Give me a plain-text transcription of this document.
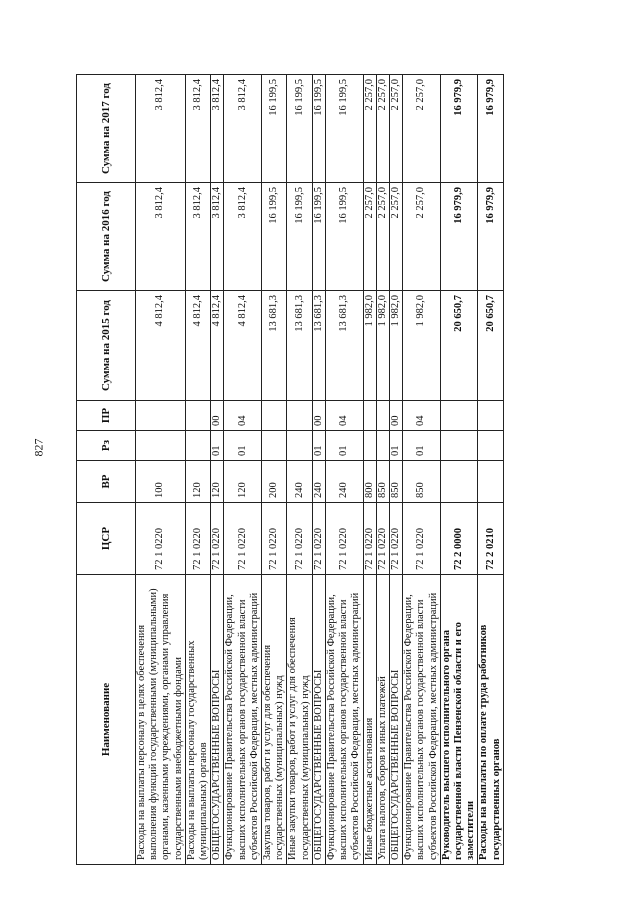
827
Наименование	ЦСР	ВР	Рз	ПР	Сумма на 2015 год	Сумма на 2016 год	Сумма на 2017 год
Расходы на выплаты персоналу в целях обеспечения выполнения функций государственными (муниципальными) органами, казенными учреждениями, органами управления государственными внебюджетными фондами	72 1 0220	100			4 812,4	3 812,4	3 812,4
Расходы на выплаты персоналу государственных (муниципальных) органов	72 1 0220	120			4 812,4	3 812,4	3 812,4
ОБЩЕГОСУДАРСТВЕННЫЕ ВОПРОСЫ	72 1 0220	120	01	00	4 812,4	3 812,4	3 812,4
Функционирование Правительства Российской Федерации, высших исполнительных органов государственной власти субъектов Российской Федерации, местных администраций	72 1 0220	120	01	04	4 812,4	3 812,4	3 812,4
Закупка товаров, работ и услуг для обеспечения государственных (муниципальных) нужд	72 1 0220	200			13 681,3	16 199,5	16 199,5
Иные закупки товаров, работ и услуг для обеспечения государственных (муниципальных) нужд	72 1 0220	240			13 681,3	16 199,5	16 199,5
ОБЩЕГОСУДАРСТВЕННЫЕ ВОПРОСЫ	72 1 0220	240	01	00	13 681,3	16 199,5	16 199,5
Функционирование Правительства Российской Федерации, высших исполнительных органов государственной власти субъектов Российской Федерации, местных администраций	72 1 0220	240	01	04	13 681,3	16 199,5	16 199,5
Иные бюджетные ассигнования	72 1 0220	800			1 982,0	2 257,0	2 257,0
Уплата налогов, сборов и иных платежей	72 1 0220	850			1 982,0	2 257,0	2 257,0
ОБЩЕГОСУДАРСТВЕННЫЕ ВОПРОСЫ	72 1 0220	850	01	00	1 982,0	2 257,0	2 257,0
Функционирование Правительства Российской Федерации, высших исполнительных органов государственной власти субъектов Российской Федерации, местных администраций	72 1 0220	850	01	04	1 982,0	2 257,0	2 257,0
Руководитель высшего исполнительного органа государственной власти Пензенской области и его заместители	72 2 0000				20 650,7	16 979,9	16 979,9
Расходы на выплаты по оплате труда работников государственных органов	72 2 0210				20 650,7	16 979,9	16 979,9
